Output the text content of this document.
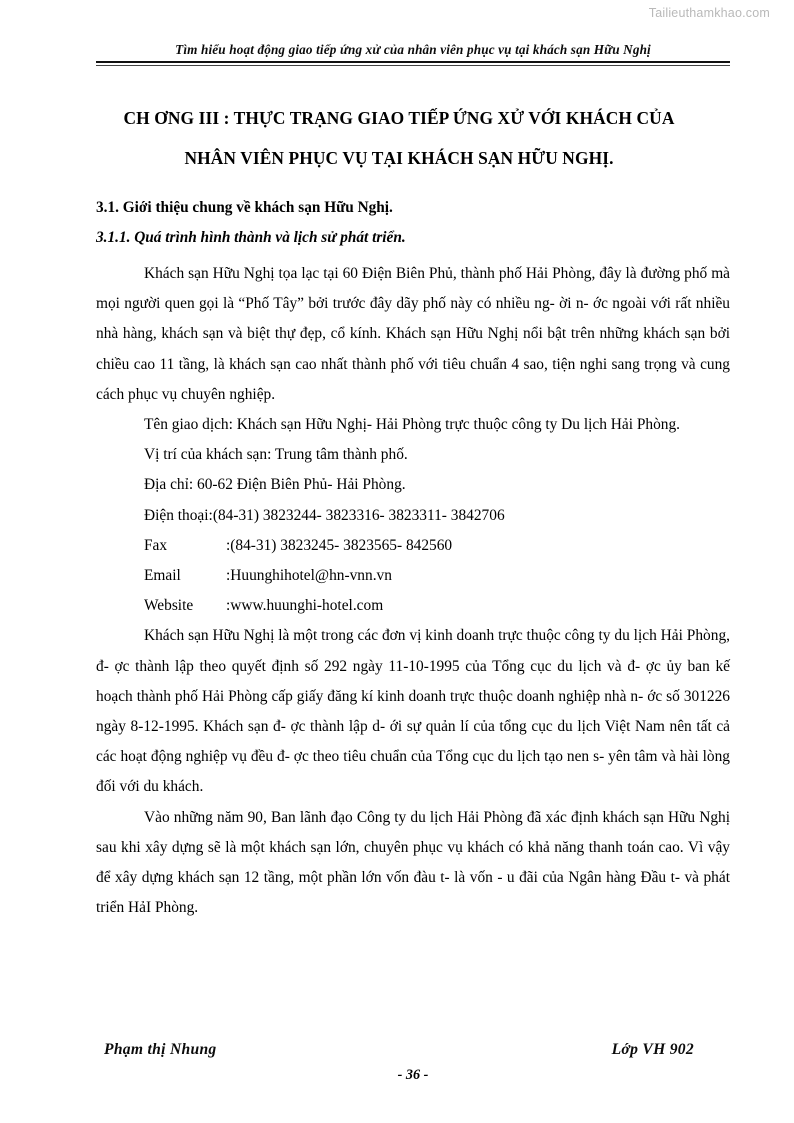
Tailieuthamkhao.com
Tìm hiểu hoạt động giao tiếp ứng xử của nhân viên phục vụ tại khách sạn Hữu Nghị
CH ƠNG III : THỰC TRẠNG GIAO TIẾP ỨNG XỬ VỚI KHÁCH CỦA
NHÂN VIÊN PHỤC VỤ TẠI KHÁCH SẠN HỮU NGHỊ.

3.1. Giới thiệu chung về khách sạn Hữu Nghị.

3.1.1. Quá trình hình thành và lịch sử phát triển.

Khách sạn Hữu Nghị tọa lạc tại 60 Điện Biên Phủ, thành phố Hải Phòng, đây là đường phố mà mọi người quen gọi là “Phố Tây” bởi trước đây dãy phố này có nhiều ng- ời n- ớc ngoài với rất nhiều nhà hàng, khách sạn và biệt thự đẹp, cổ kính. Khách sạn Hữu Nghị nổi bật trên những khách sạn bởi chiều cao 11 tầng, là khách sạn cao nhất thành phố với tiêu chuẩn 4 sao, tiện nghi sang trọng và cung cách phục vụ chuyên nghiệp.

Tên giao dịch: Khách sạn Hữu Nghị- Hải Phòng trực thuộc công ty Du lịch Hải Phòng.

Vị trí của khách sạn: Trung tâm thành phố.
Địa chỉ: 60-62 Điện Biên Phủ- Hải Phòng.
Điện thoại:(84-31) 3823244- 3823316- 3823311- 3842706
Fax	:(84-31) 3823245- 3823565- 842560
Email	:Huunghihotel@hn-vnn.vn
Website	:www.huunghi-hotel.com

Khách sạn Hữu Nghị là một trong các đơn vị kinh doanh trực thuộc công ty du lịch Hải Phòng, đ- ợc thành lập theo quyết định số 292 ngày 11-10-1995 của Tổng cục du lịch và đ- ợc ủy ban kế hoạch thành phố Hải Phòng cấp giấy đăng kí kinh doanh trực thuộc doanh nghiệp nhà n- ớc số 301226 ngày 8-12-1995. Khách sạn đ- ợc thành lập d- ới sự quản lí của tổng cục du lịch Việt Nam nên tất cả các hoạt động nghiệp vụ đều đ- ợc theo tiêu chuẩn của Tổng cục du lịch tạo nen s- yên tâm và hài lòng đối với du khách.

Vào những năm 90, Ban lãnh đạo Công ty du lịch Hải Phòng đã xác định khách sạn Hữu Nghị sau khi xây dựng sẽ là một khách sạn lớn, chuyên phục vụ khách có khả năng thanh toán cao. Vì vậy để xây dựng khách sạn 12 tầng, một phần lớn vốn đàu t- là vốn - u đãi của Ngân hàng Đầu t- và phát triển HảI Phòng.

Phạm thị Nhung	Lớp VH 902
- 36 -
